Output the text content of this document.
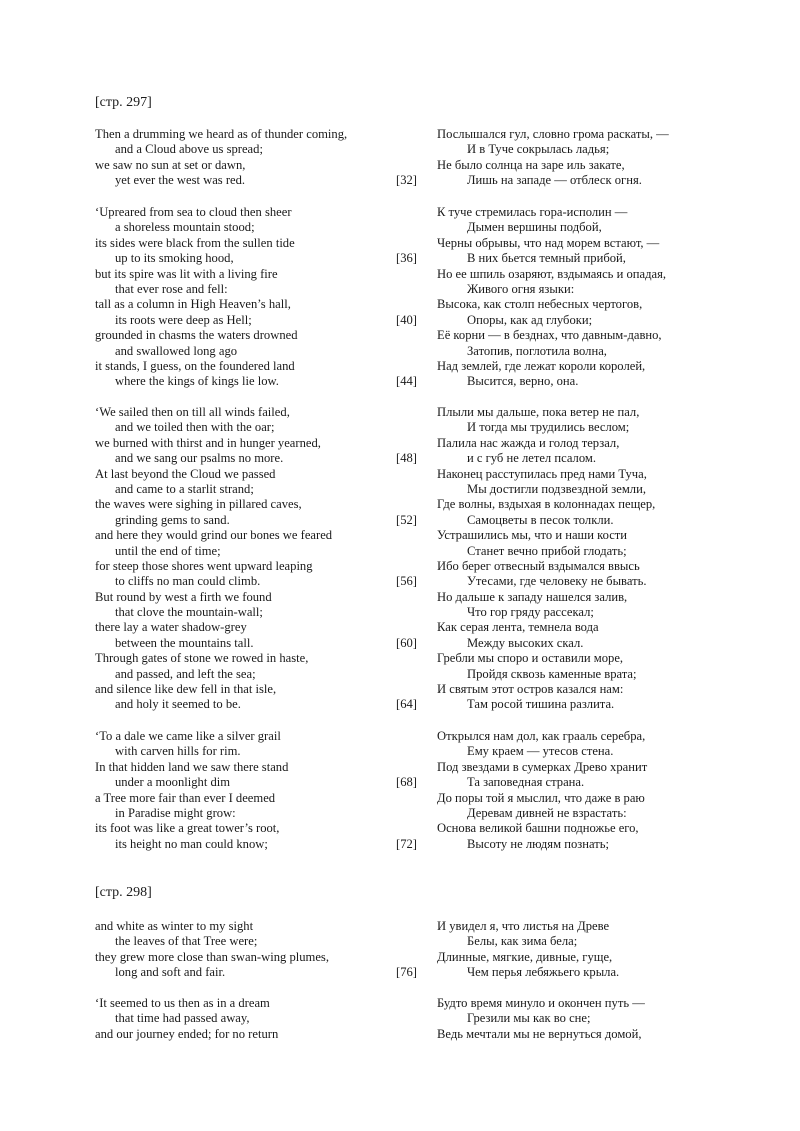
[стр. 297]
Then a drumming we heard as of thunder coming,	Послышался гул, словно грома раскаты, —
and a Cloud above us spread;	И в Туче сокрылась ладья;
we saw no sun at set or dawn,	Не было солнца на заре иль закате,
yet ever the west was red.	[32]	Лишь на западе — отблеск огня.
‘Upreared from sea to cloud then sheer	К туче стремилась гора-исполин —
a shoreless mountain stood;	Дымен вершины подбой,
its sides were black from the sullen tide	Черны обрывы, что над морем встают, —
up to its smoking hood,	[36]	В них бьется темный прибой,
but its spire was lit with a living fire	Но ее шпиль озаряют, вздымаясь и опадая,
that ever rose and fell:	Живого огня языки:
tall as a column in High Heaven’s hall,	Высока, как столп небесных чертогов,
its roots were deep as Hell;	[40]	Опоры, как ад глубоки;
grounded in chasms the waters drowned	Её корни — в безднах, что давным-давно,
and swallowed long ago	Затопив, поглотила волна,
it stands, I guess, on the foundered land	Над землей, где лежат короли королей,
where the kings of kings lie low.	[44]	Высится, верно, она.
‘We sailed then on till all winds failed,	Плыли мы дальше, пока ветер не пал,
and we toiled then with the oar;	И тогда мы трудились веслом;
we burned with thirst and in hunger yearned,	Палила нас жажда и голод терзал,
and we sang our psalms no more.	[48]	и с губ не летел псалом.
At last beyond the Cloud we passed	Наконец расступилась пред нами Туча,
and came to a starlit strand;	Мы достигли подзвездной земли,
the waves were sighing in pillared caves,	Где волны, вздыхая в колоннадах пещер,
grinding gems to sand.	[52]	Самоцветы в песок толкли.
and here they would grind our bones we feared	Устрашились мы, что и наши кости
until the end of time;	Станет вечно прибой глодать;
for steep those shores went upward leaping	Ибо берег отвесный вздымался ввысь
to cliffs no man could climb.	[56]	Утесами, где человеку не бывать.
But round by west a firth we found	Но дальше к западу нашелся залив,
that clove the mountain-wall;	Что гор гряду рассекал;
there lay a water shadow-grey	Как серая лента, темнела вода
between the mountains tall.	[60]	Между высоких скал.
Through gates of stone we rowed in haste,	Гребли мы споро и оставили море,
and passed, and left the sea;	Пройдя сквозь каменные врата;
and silence like dew fell in that isle,	И святым этот остров казался нам:
and holy it seemed to be.	[64]	Там росой тишина разлита.
‘To a dale we came like a silver grail	Открылся нам дол, как грааль серебра,
with carven hills for rim.	Ему краем — утесов стена.
In that hidden land we saw there stand	Под звездами в сумерках Древо хранит
under a moonlight dim	[68]	Та заповедная страна.
a Tree more fair than ever I deemed	До поры той я мыслил, что даже в раю
in Paradise might grow:	Деревам дивней не взрастать:
its foot was like a great tower’s root,	Основа великой башни подножье его,
its height no man could know;	[72]	Высоту не людям познать;
[стр. 298]
and white as winter to my sight	И увидел я, что листья на Древе
the leaves of that Tree were;	Белы, как зима бела;
they grew more close than swan-wing plumes,	Длинные, мягкие, дивные, гуще,
long and soft and fair.	[76]	Чем перья лебяжьего крыла.
‘It seemed to us then as in a dream	Будто время минуло и окончен путь —
that time had passed away,	Грезили мы как во сне;
and our journey ended; for no return	Ведь мечтали мы не вернуться домой,
